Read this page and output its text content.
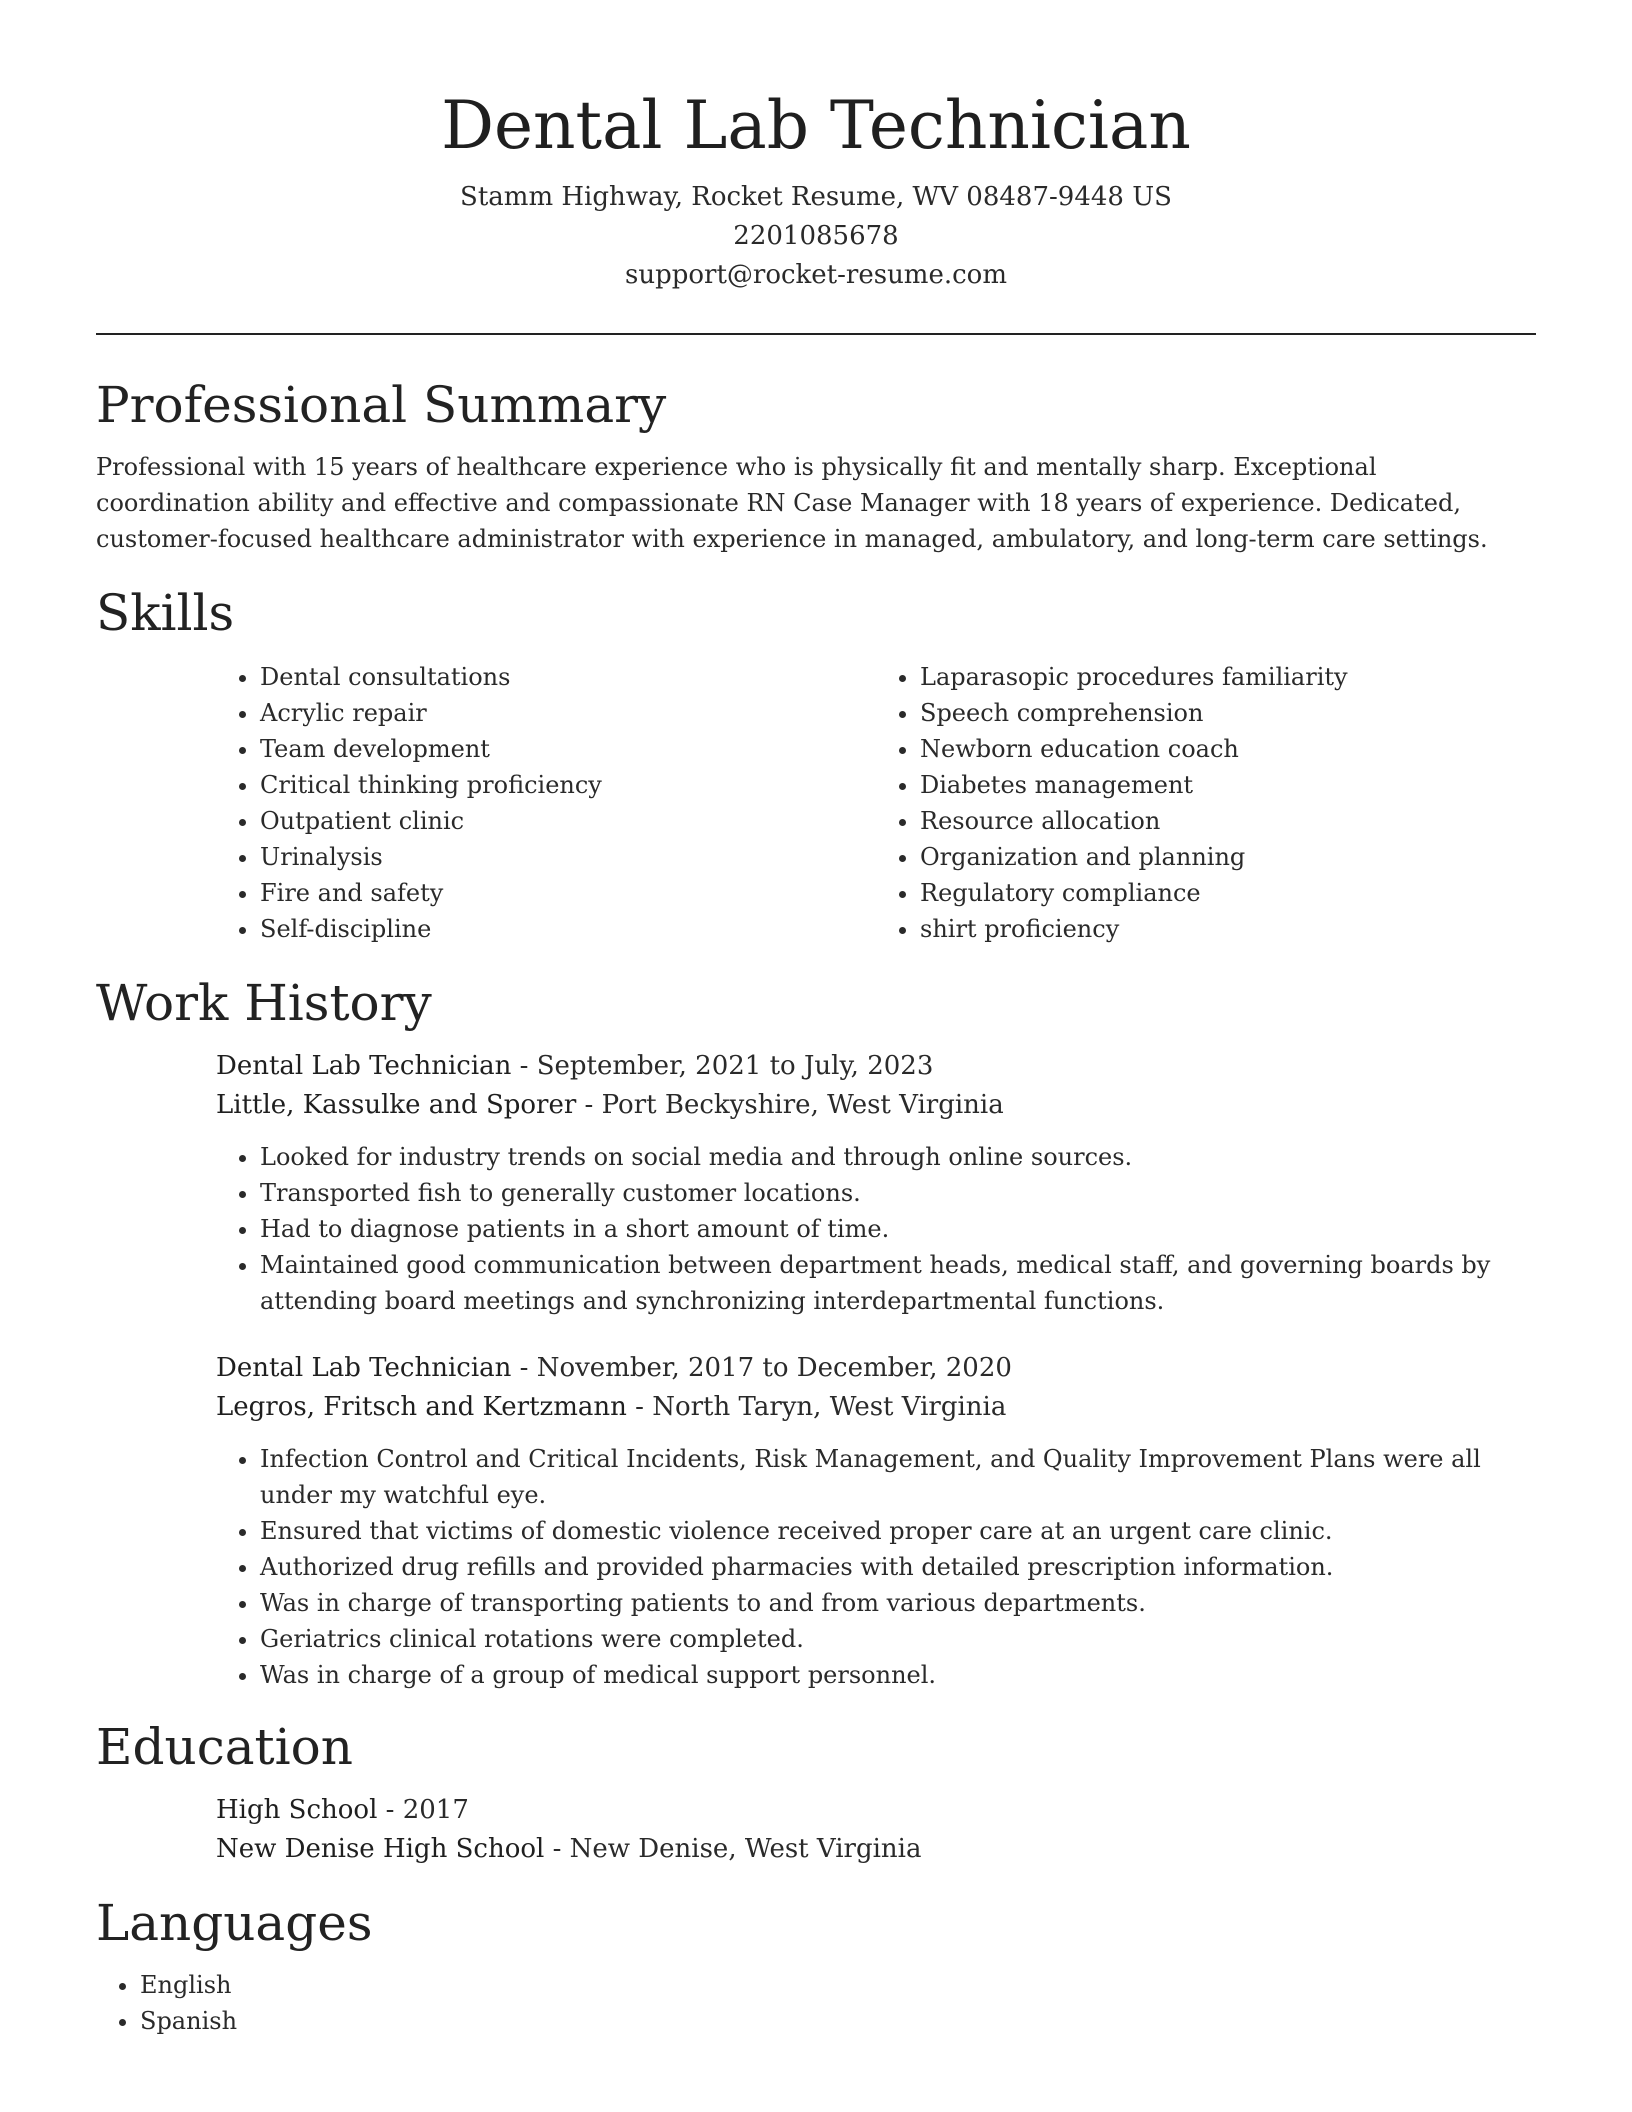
Dental Lab Technician
Stamm Highway, Rocket Resume, WV 08487-9448 US
2201085678
support@rocket-resume.com
Professional Summary

Professional with 15 years of healthcare experience who is physically fit and mentally sharp. Exceptional coordination ability and effective and compassionate RN Case Manager with 18 years of experience. Dedicated, customer-focused healthcare administrator with experience in managed, ambulatory, and long-term care settings.

Skills
• Dental consultations
• Acrylic repair
• Team development
• Critical thinking proficiency
• Outpatient clinic
• Urinalysis
• Fire and safety
• Self-discipline
• Laparasopic procedures familiarity
• Speech comprehension
• Newborn education coach
• Diabetes management
• Resource allocation
• Organization and planning
• Regulatory compliance
• shirt proficiency
Work History
Dental Lab Technician - September, 2021 to July, 2023
Little, Kassulke and Sporer - Port Beckyshire, West Virginia
• Looked for industry trends on social media and through online sources.
• Transported fish to generally customer locations.
• Had to diagnose patients in a short amount of time.
• Maintained good communication between department heads, medical staff, and governing boards by attending board meetings and synchronizing interdepartmental functions.
Dental Lab Technician - November, 2017 to December, 2020
Legros, Fritsch and Kertzmann - North Taryn, West Virginia
• Infection Control and Critical Incidents, Risk Management, and Quality Improvement Plans were all under my watchful eye.
• Ensured that victims of domestic violence received proper care at an urgent care clinic.
• Authorized drug refills and provided pharmacies with detailed prescription information.
• Was in charge of transporting patients to and from various departments.
• Geriatrics clinical rotations were completed.
• Was in charge of a group of medical support personnel.
Education
High School - 2017
New Denise High School - New Denise, West Virginia
Languages
• English
• Spanish
